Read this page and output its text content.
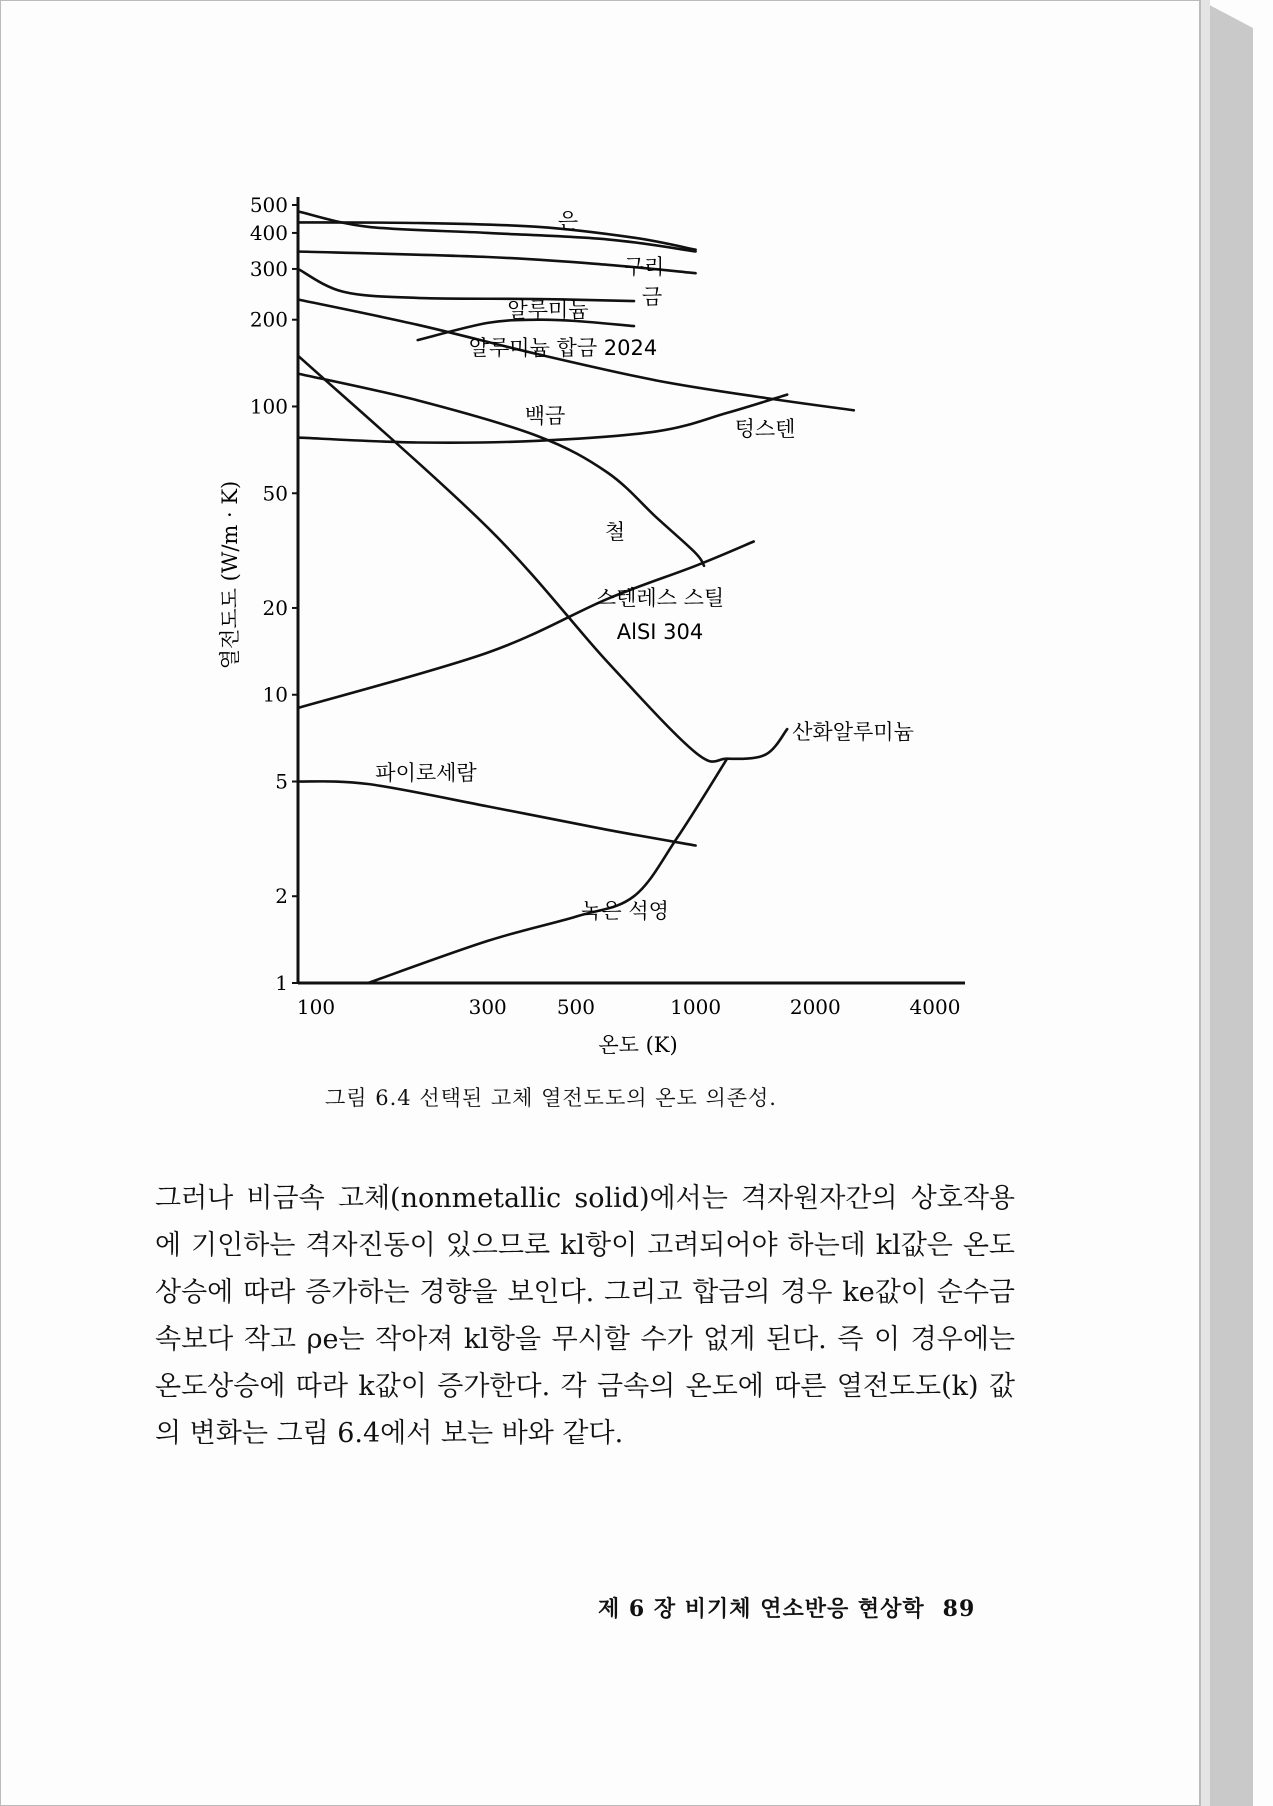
1
2
5
10
20
50
100
200
300
400
500
100	300	500	1000	2000	4000
은
구리
금
알루미늄
알루미늄 합금 2024
텅스텐
백금
철
스텐레스 스틸
AlSI 304
산화알루미늄
파이로세람
녹은 석영
열전도도 (W/m · K)
온도 (K)
그림 6.4 선택된 고체 열전도도의 온도 의존성.

그러나 비금속 고체(nonmetallic solid)에서는 격자원자간의 상호작용에 기인하는 격자진동이 있으므로 kl항이 고려되어야 하는데 kl값은 온도상승에 따라 증가하는 경향을 보인다. 그리고 합금의 경우 ke값이 순수금속보다 작고 ρe는 작아져 kl항을 무시할 수가 없게 된다. 즉 이 경우에는 온도상승에 따라 k값이 증가한다. 각 금속의 온도에 따른 열전도도(k) 값의 변화는 그림 6.4에서 보는 바와 같다.

제 6 장 비기체 연소반응 현상학 89
